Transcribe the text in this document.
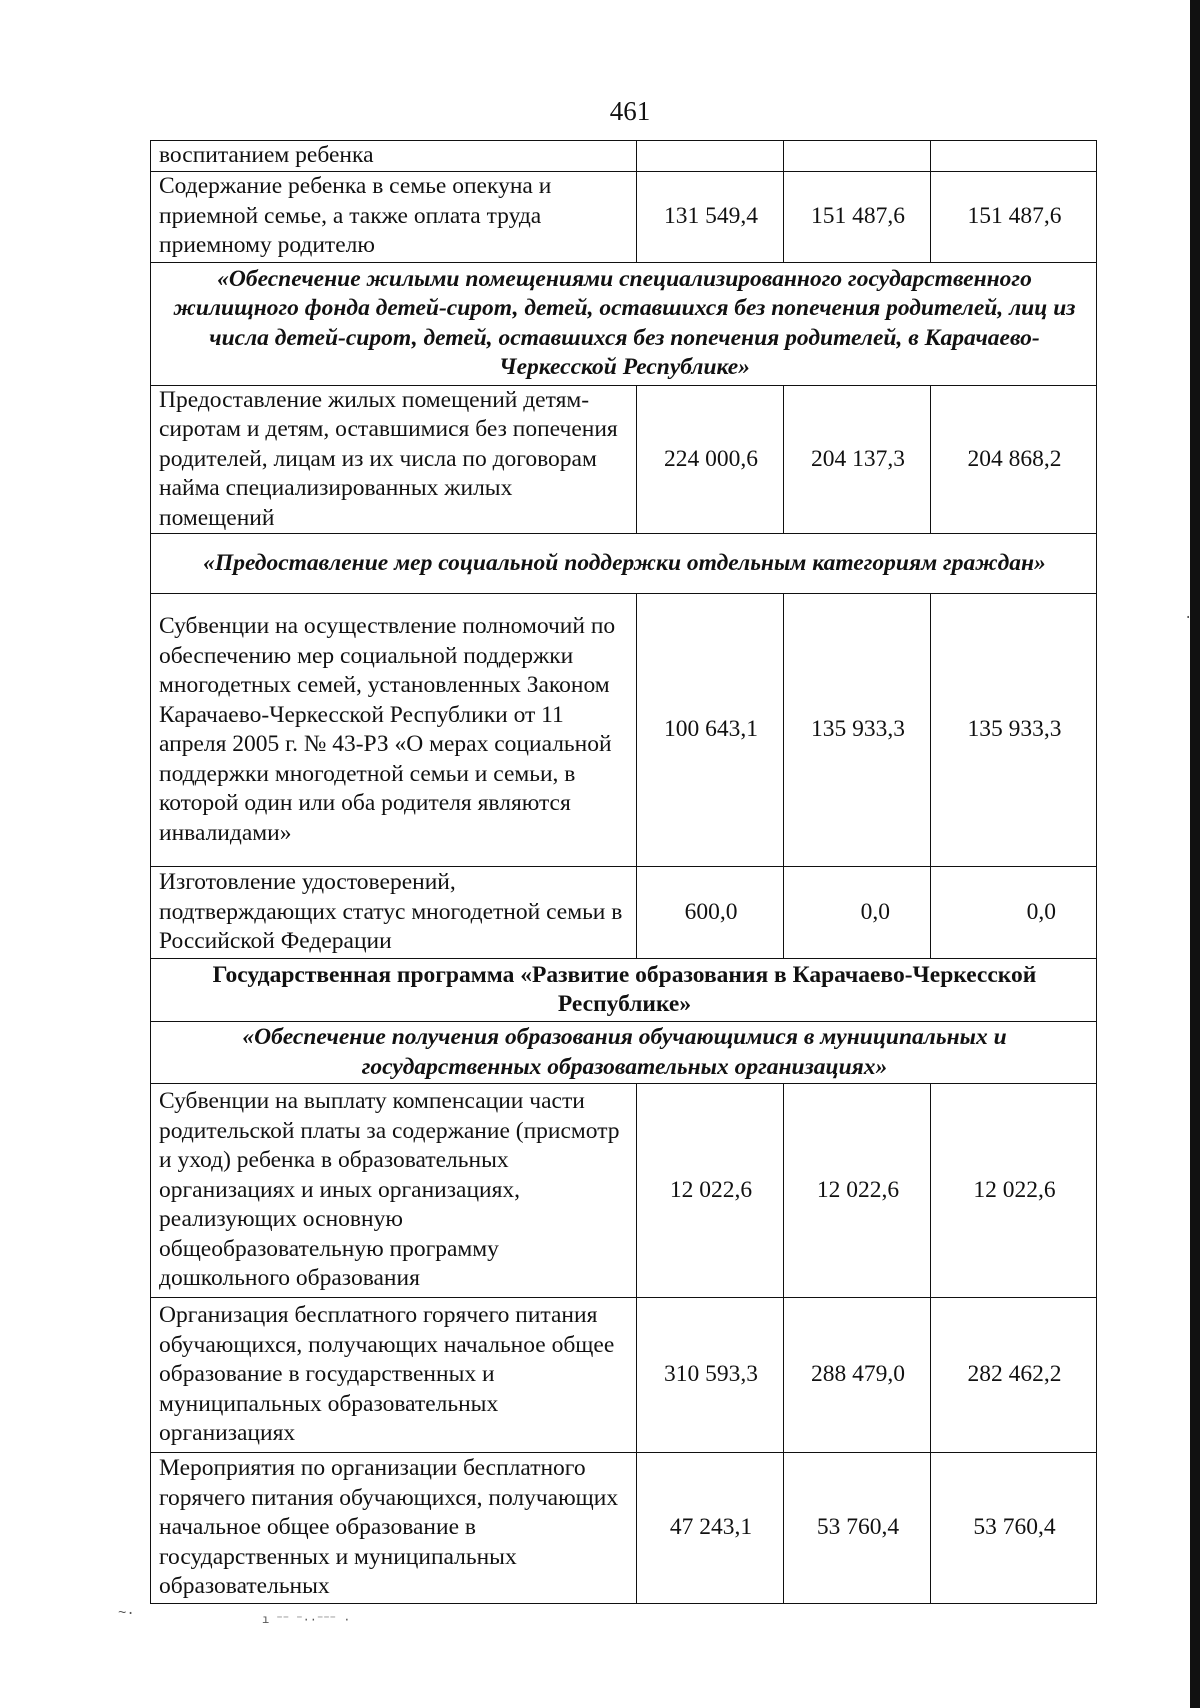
461
воспитанием ребенка			
Содержание ребенка в семье опекуна и приемной семье, а также оплата труда приемному родителю	131 549,4	151 487,6	151 487,6
«Обеспечение жилыми помещениями специализированного государственного жилищного фонда детей-сирот, детей, оставшихся без попечения родителей, лиц из числа детей-сирот, детей, оставшихся без попечения родителей, в Карачаево-Черкесской Республике»			
Предоставление жилых помещений детям-сиротам и детям, оставшимися без попечения родителей, лицам из их числа по договорам найма специализированных жилых помещений	224 000,6	204 137,3	204 868,2
«Предоставление мер социальной поддержки отдельным категориям граждан»			
Субвенции на осуществление полномочий по обеспечению мер социальной поддержки многодетных семей, установленных Законом Карачаево-Черкесской Республики от 11 апреля 2005 г. № 43-РЗ «О мерах социальной поддержки многодетной семьи и семьи, в которой один или оба родителя являются инвалидами»	100 643,1	135 933,3	135 933,3
Изготовление удостоверений, подтверждающих статус многодетной семьи в Российской Федерации	600,0	0,0	0,0
Государственная программа «Развитие образования в Карачаево-Черкесской Республике»			
«Обеспечение получения образования обучающимися в муниципальных и государственных образовательных организациях»			
Субвенции на выплату компенсации части родительской платы за содержание (присмотр и уход) ребенка в образовательных организациях и иных организациях, реализующих основную общеобразовательную программу дошкольного образования	12 022,6	12 022,6	12 022,6
Организация бесплатного горячего питания обучающихся, получающих начальное общее образование в государственных и муниципальных образовательных организациях	310 593,3	288 479,0	282 462,2
Мероприятия по организации бесплатного горячего питания обучающихся, получающих начальное общее образование в государственных и муниципальных образовательных	47 243,1	53 760,4	53 760,4
·
~·	ı ⁻⁻ ⁻··⁻⁻⁻ ·
